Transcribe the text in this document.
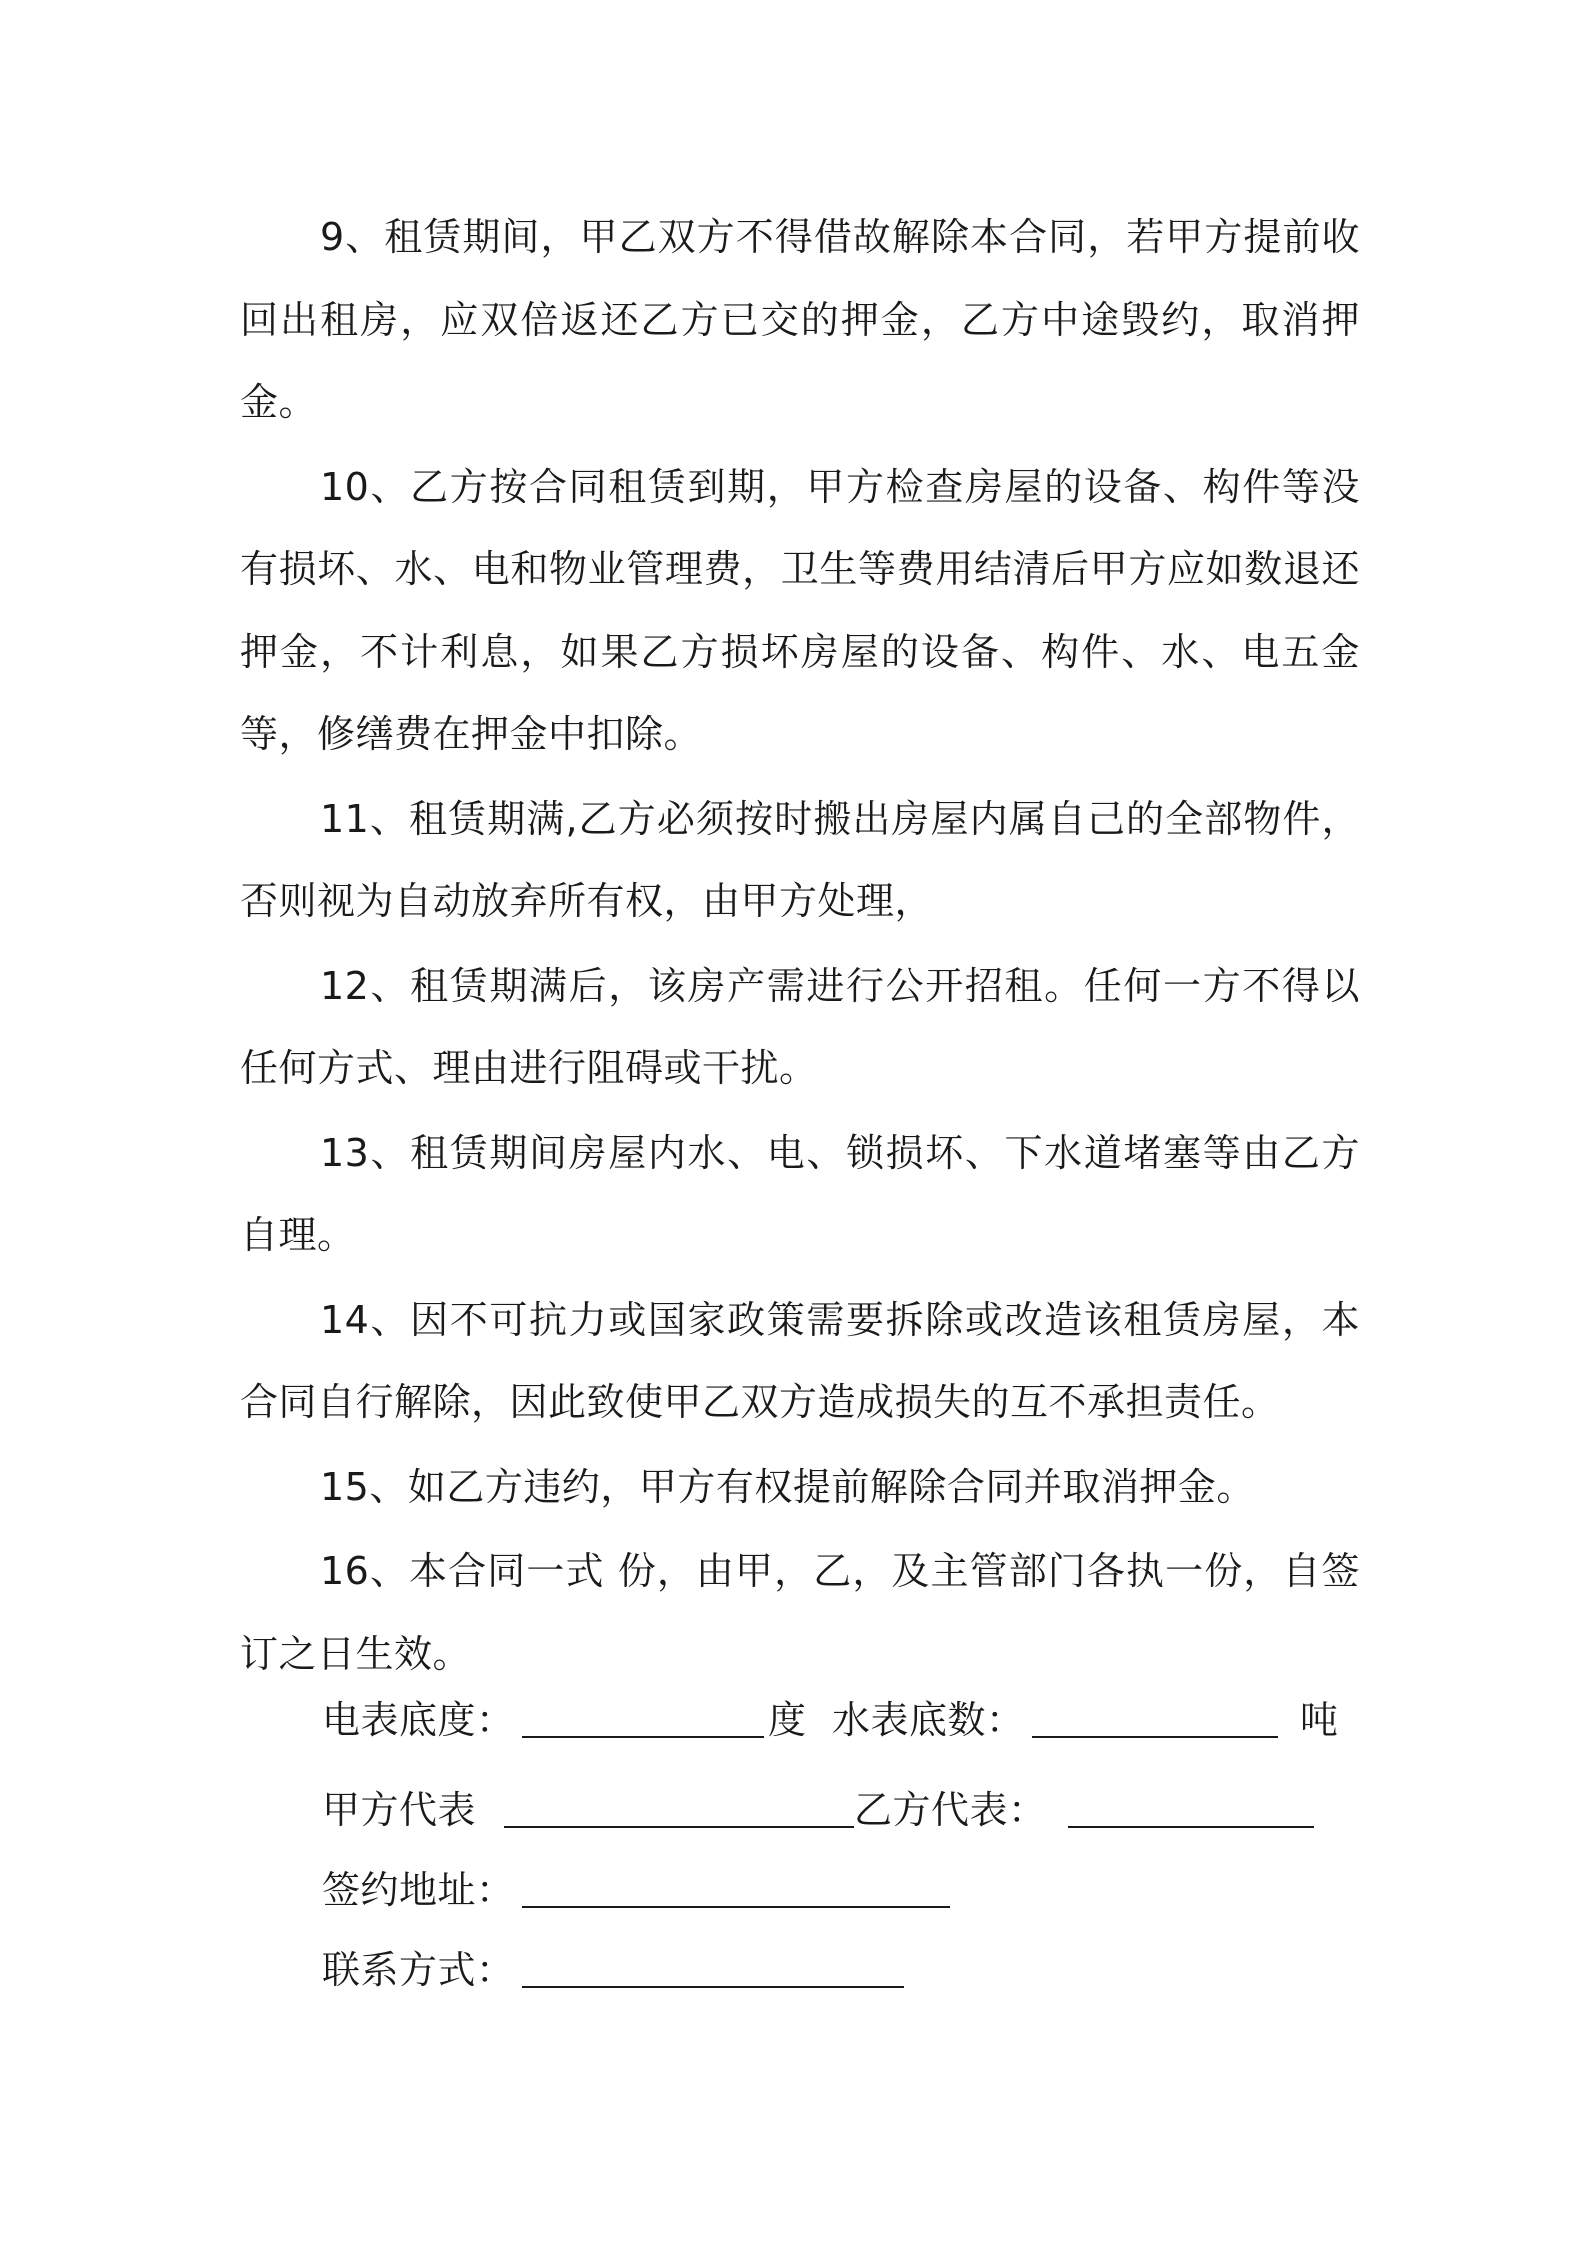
9、租赁期间，甲乙双方不得借故解除本合同，若甲方提前收回出租房，应双倍返还乙方已交的押金，乙方中途毁约，取消押金。

10、乙方按合同租赁到期，甲方检查房屋的设备、构件等没有损坏、水、电和物业管理费，卫生等费用结清后甲方应如数退还押金，不计利息，如果乙方损坏房屋的设备、构件、水、电五金等，修缮费在押金中扣除。

11、租赁期满,乙方必须按时搬出房屋内属自己的全部物件，否则视为自动放弃所有权，由甲方处理，

12、租赁期满后，该房产需进行公开招租。任何一方不得以任何方式、理由进行阻碍或干扰。

13、租赁期间房屋内水、电、锁损坏、下水道堵塞等由乙方自理。

14、因不可抗力或国家政策需要拆除或改造该租赁房屋，本合同自行解除，因此致使甲乙双方造成损失的互不承担责任。

15、如乙方违约，甲方有权提前解除合同并取消押金。

16、本合同一式 份，由甲，乙，及主管部门各执一份，自签订之日生效。

电表底度：	度 水表底数：	吨
甲方代表	乙方代表：
签约地址：
联系方式：
